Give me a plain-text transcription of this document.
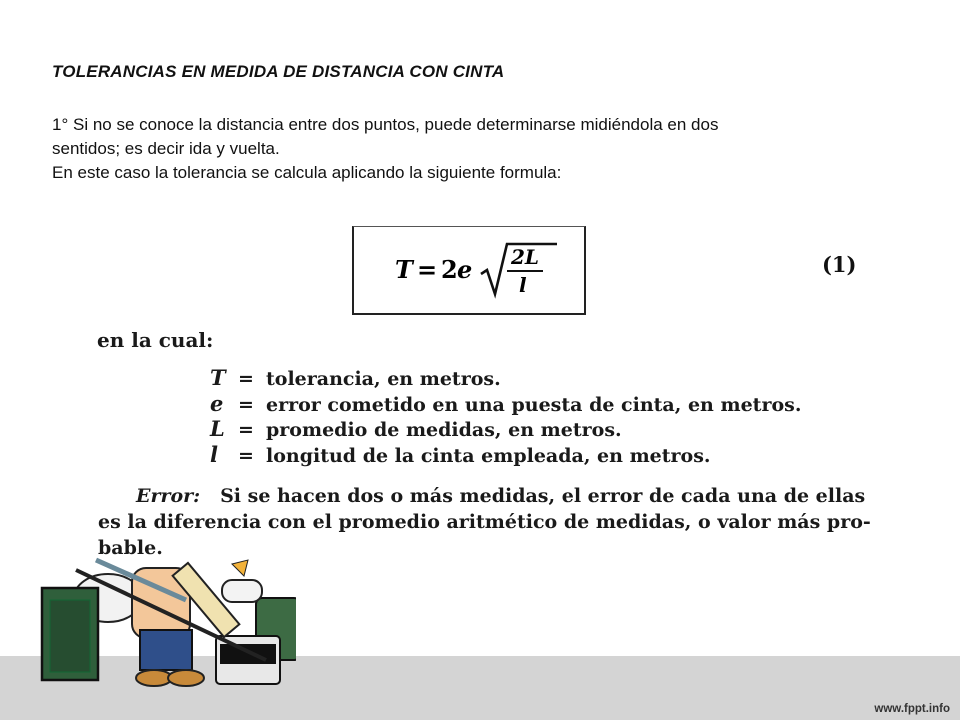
TOLERANCIAS EN MEDIDA DE DISTANCIA CON CINTA
1° Si no se conoce la distancia entre dos puntos, puede determinarse midiéndola en dos
sentidos; es decir ida y vuelta.
En este caso la tolerancia se calcula aplicando la siguiente formula:
T = 2 e 2L
l
(1)
en la cual:
T = tolerancia, en metros.
e = error cometido en una puesta de cinta, en metros.
L = promedio de medidas, en metros.
l = longitud de la cinta empleada, en metros.
Error: Si se hacen dos o más medidas, el error de cada una de ellas
es la diferencia con el promedio aritmético de medidas, o valor más pro-
bable.
www.fppt.info
